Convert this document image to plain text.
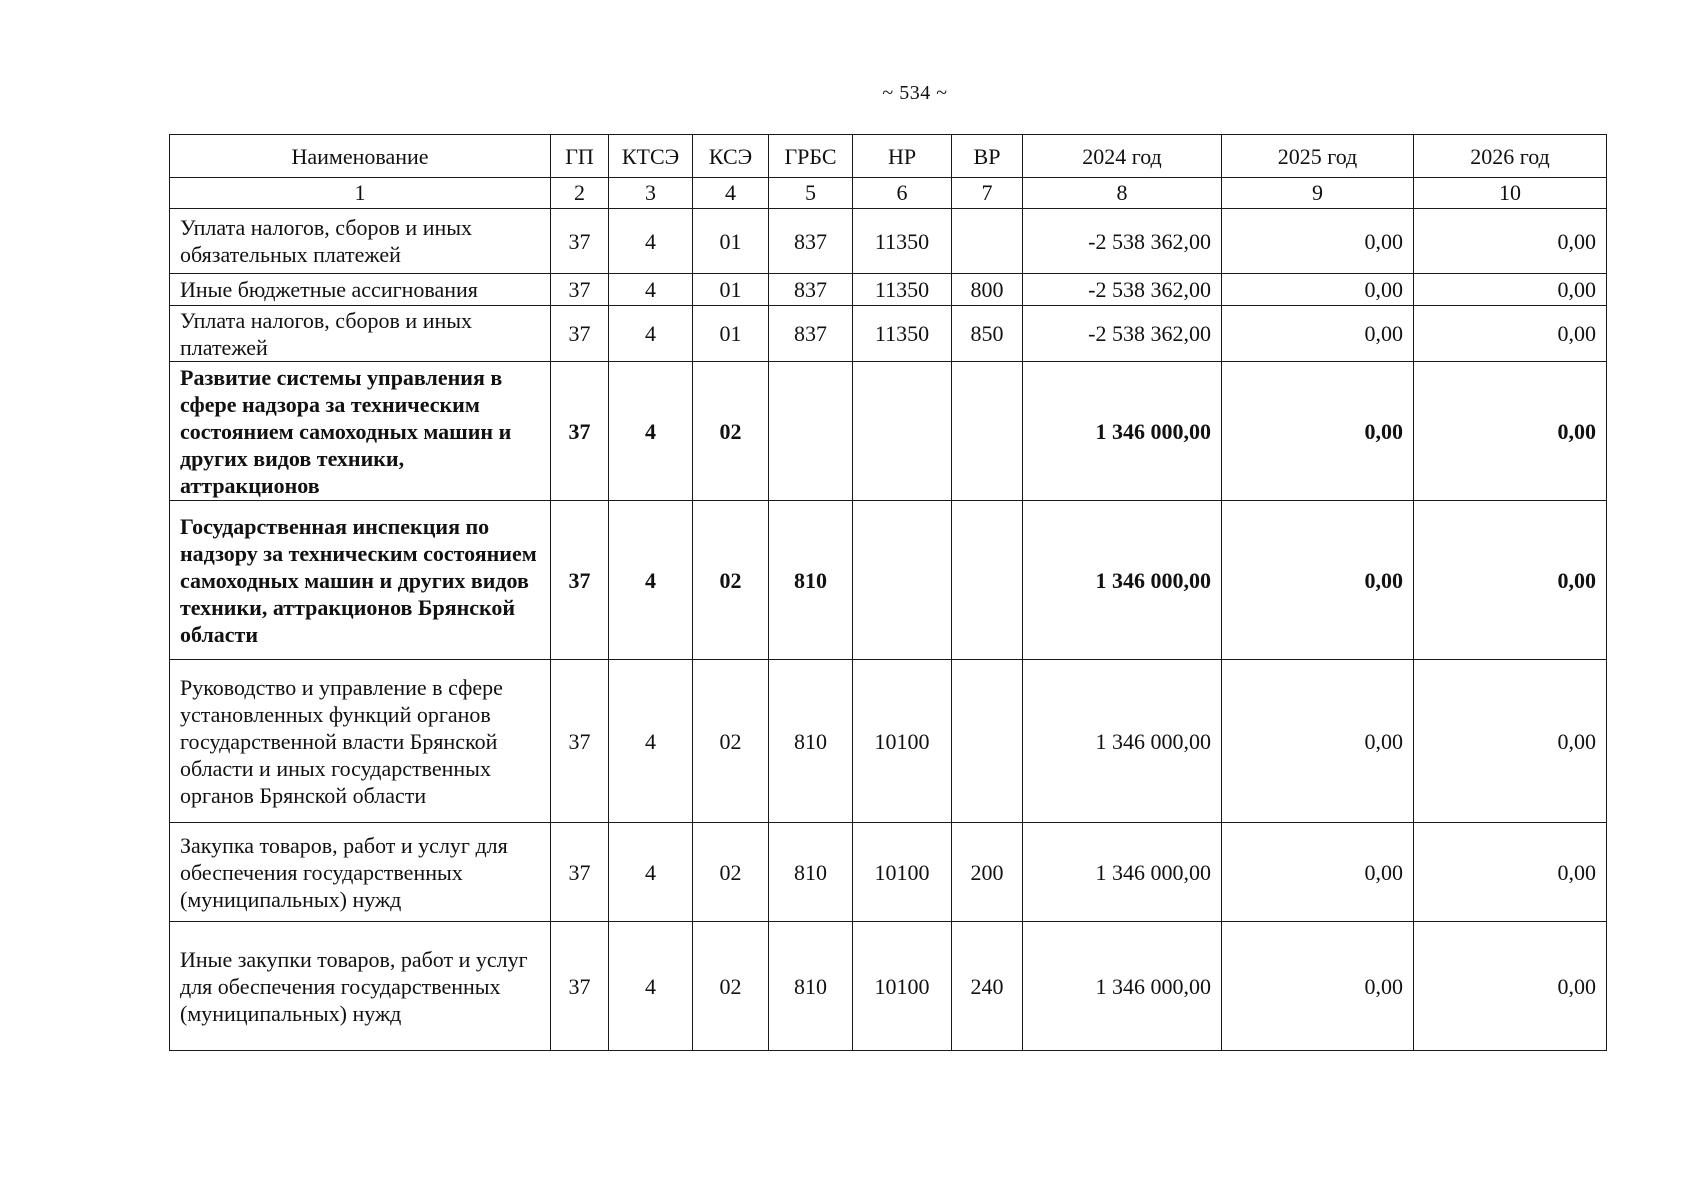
~ 534 ~
Наименование	ГП	КТСЭ	КСЭ	ГРБС	НР	ВР	2024 год	2025 год	2026 год
1	2	3	4	5	6	7	8	9	10
Уплата налогов, сборов и иных обязательных платежей	37	4	01	837	11350		-2 538 362,00	0,00	0,00
Иные бюджетные ассигнования	37	4	01	837	11350	800	-2 538 362,00	0,00	0,00
Уплата налогов, сборов и иных платежей	37	4	01	837	11350	850	-2 538 362,00	0,00	0,00
Развитие системы управления в сфере надзора за техническим состоянием самоходных машин и других видов техники, аттракционов	37	4	02				1 346 000,00	0,00	0,00
Государственная инспекция по надзору за техническим состоянием самоходных машин и других видов техники, аттракционов Брянской области	37	4	02	810			1 346 000,00	0,00	0,00
Руководство и управление в сфере установленных функций органов государственной власти Брянской области и иных государственных органов Брянской области	37	4	02	810	10100		1 346 000,00	0,00	0,00
Закупка товаров, работ и услуг для обеспечения государственных (муниципальных) нужд	37	4	02	810	10100	200	1 346 000,00	0,00	0,00
Иные закупки товаров, работ и услуг для обеспечения государственных (муниципальных) нужд	37	4	02	810	10100	240	1 346 000,00	0,00	0,00
